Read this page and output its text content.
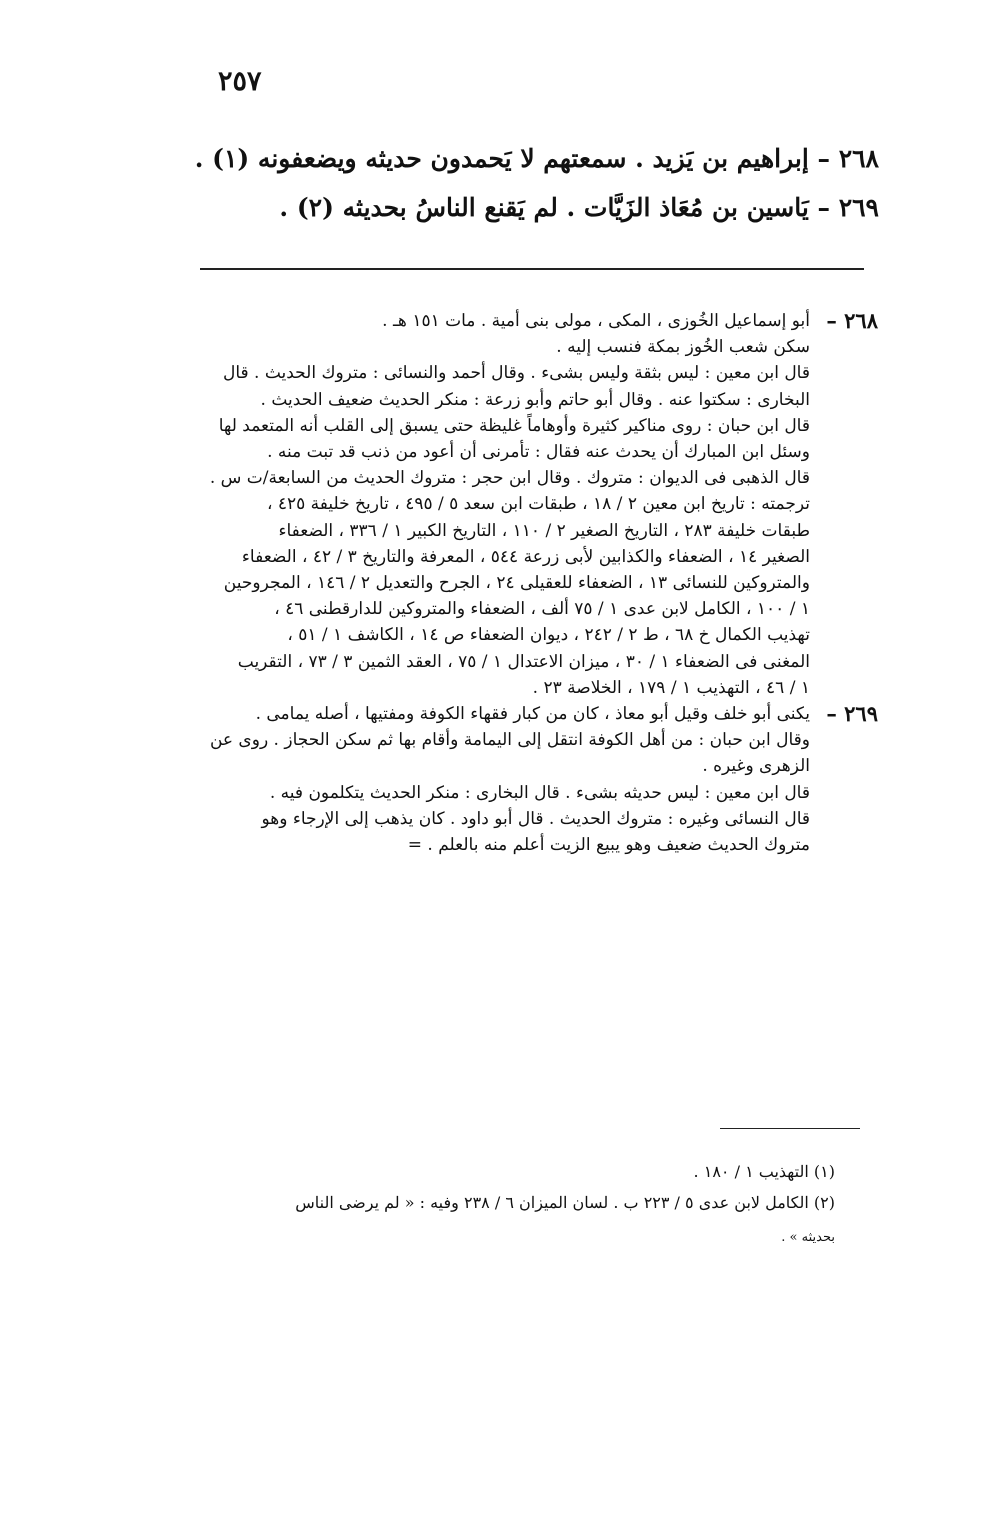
٢٥٧
٢٦٨ – إبراهيم بن يَزيد . سمعتهم لا يَحمدون حديثه ويضعفونه (١) .
٢٦٩ – يَاسين بن مُعَاذ الزَيَّات . لم يَقنع الناسُ بحديثه (٢) .
٢٦٨ –
أبو إسماعيل الخُوزى ، المكى ، مولى بنى أمية . مات ١٥١ هـ .
سكن شعب الخُوز بمكة فنسب إليه .
قال ابن معين : ليس بثقة وليس بشىء . وقال أحمد والنسائى : متروك الحديث . قال
البخارى : سكتوا عنه . وقال أبو حاتم وأبو زرعة : منكر الحديث ضعيف الحديث .
قال ابن حبان : روى مناكير كثيرة وأوهاماً غليظة حتى يسبق إلى القلب أنه المتعمد لها
وسئل ابن المبارك أن يحدث عنه فقال : تأمرنى أن أعود من ذنب قد تبت منه .
قال الذهبى فى الديوان : متروك . وقال ابن حجر : متروك الحديث من السابعة/ت س .
ترجمته : تاريخ ابن معين ٢ / ١٨ ، طبقات ابن سعد ٥ / ٤٩٥ ، تاريخ خليفة ٤٢٥ ،
طبقات خليفة ٢٨٣ ، التاريخ الصغير ٢ / ١١٠ ، التاريخ الكبير ١ / ٣٣٦ ، الضعفاء
الصغير ١٤ ، الضعفاء والكذابين لأبى زرعة ٥٤٤ ، المعرفة والتاريخ ٣ / ٤٢ ، الضعفاء
والمتروكين للنسائى ١٣ ، الضعفاء للعقيلى ٢٤ ، الجرح والتعديل ٢ / ١٤٦ ، المجروحين
١ / ١٠٠ ، الكامل لابن عدى ١ / ٧٥ ألف ، الضعفاء والمتروكين للدارقطنى ٤٦ ،
تهذيب الكمال خ ٦٨ ، ط ٢ / ٢٤٢ ، ديوان الضعفاء ص ١٤ ، الكاشف ١ / ٥١ ،
المغنى فى الضعفاء ١ / ٣٠ ، ميزان الاعتدال ١ / ٧٥ ، العقد الثمين ٣ / ٧٣ ، التقريب
١ / ٤٦ ، التهذيب ١ / ١٧٩ ، الخلاصة ٢٣ .
٢٦٩ –
يكنى أبو خلف وقيل أبو معاذ ، كان من كبار فقهاء الكوفة ومفتيها ، أصله يمامى .
وقال ابن حبان : من أهل الكوفة انتقل إلى اليمامة وأقام بها ثم سكن الحجاز . روى عن
الزهرى وغيره .
قال ابن معين : ليس حديثه بشىء . قال البخارى : منكر الحديث يتكلمون فيه .
قال النسائى وغيره : متروك الحديث . قال أبو داود . كان يذهب إلى الإرجاء وهو
متروك الحديث ضعيف وهو يبيع الزيت أعلم منه بالعلم . =
(١) التهذيب ١ / ١٨٠ .
(٢) الكامل لابن عدى ٥ / ٢٢٣ ب . لسان الميزان ٦ / ٢٣٨ وفيه : « لم يرضى الناس
بحديثه » .
